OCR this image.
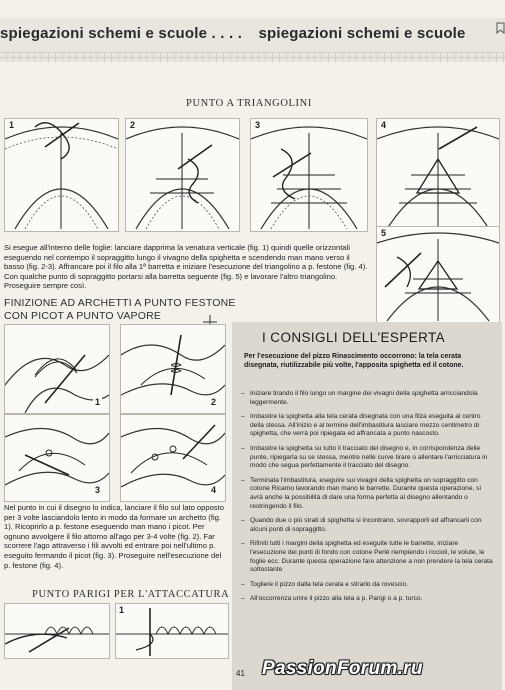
spiegazioni schemi e scuole . . . . spiegazioni schemi e scuole
PUNTO A TRIANGOLINI
1	2	3	4
5
Si esegue all'interno delle foglie: lanciare dapprima la venatura verticale (fig. 1) quindi quelle orizzontali eseguendo nel contempo il sopraggitto lungo il vivagno della spighetta e scendendo man mano verso il basso (fig. 2-3). Affrancare poi il filo alla 1ª barretta e iniziare l'esecuzione del triangolino a p. festone (fig. 4). Con qualche punto di sopraggitto portarsi alla barretta seguente (fig. 5) e lavorare l'altro triangolino. Proseguire sempre così.
FINIZIONE AD ARCHETTI A PUNTO FESTONE
CON PICOT A PUNTO VAPORE
1	2
3	4
Nel punto in cui il disegno lo indica, lanciare il filo sul lato opposto per 3 volte lasciandolo lento in modo da formare un archetto (fig. 1). Ricoprirlo a p. festone eseguendo man mano i picot. Per ognuno avvolgere il filo attorno all'ago per 3-4 volte (fig. 2). Far scorrere l'ago attraverso i fili avvolti ed entrare poi nell'ultimo p. eseguito fermando il picot (fig. 3). Proseguire nell'esecuzione del p. festone (fig. 4).
PUNTO PARIGI PER L'ATTACCATURA
1
I CONSIGLI DELL'ESPERTA
Per l'esecuzione del pizzo Rinascimento occorrono: la tela cerata disegnata, riutilizzabile più volte, l'apposita spighetta ed il cotone.
– Iniziare tirando il filo lungo un margine dei vivagni della spighetta arricciandola leggermente.
– Imbastire la spighetta alla tela cerata disegnata con una filza eseguita al centro della stessa. All'inizio e al termine dell'imbastitura lasciare mezzo centimetro di spighetta, che verrà poi ripiegata ed affrancata a punto nascosto.
– Imbastire la spighetta su tutto il tracciato del disegno e, in corrispondenza delle punte, ripiegarla su se stessa, mentre nelle curve tirare o allentare l'arricciatura in modo che segua perfettamente il tracciato del disegno.
– Terminata l'imbastitura, eseguire sui vivagni della spighetta un sopraggitto con cotone Ricamo lavorando man mano le barrette. Durante questa operazione, si avrà anche la possibilità di dare una forma perfetta al disegno allentando o restringendo il filo.
– Quando due o più strati di spighetta si incontrano, sovrapporli ed affrancarli con alcuni punti di sopraggitto.
– Rifiniti tutti i margini della spighetta ed eseguite tutte le barrette, iniziare l'esecuzione dei punti di fondo con cotone Perlé riempiendo i riccioli, le volute, le foglie ecc. Durante questa operazione fare attenzione a non prendere la tela cerata sottostante
– Togliere il pizzo dalla tela cerata e stirarlo da rovescio.
– All'occorrenza unire il pizzo alla tela a p. Parigi o a p. turco.
41 PassionForum.ru
